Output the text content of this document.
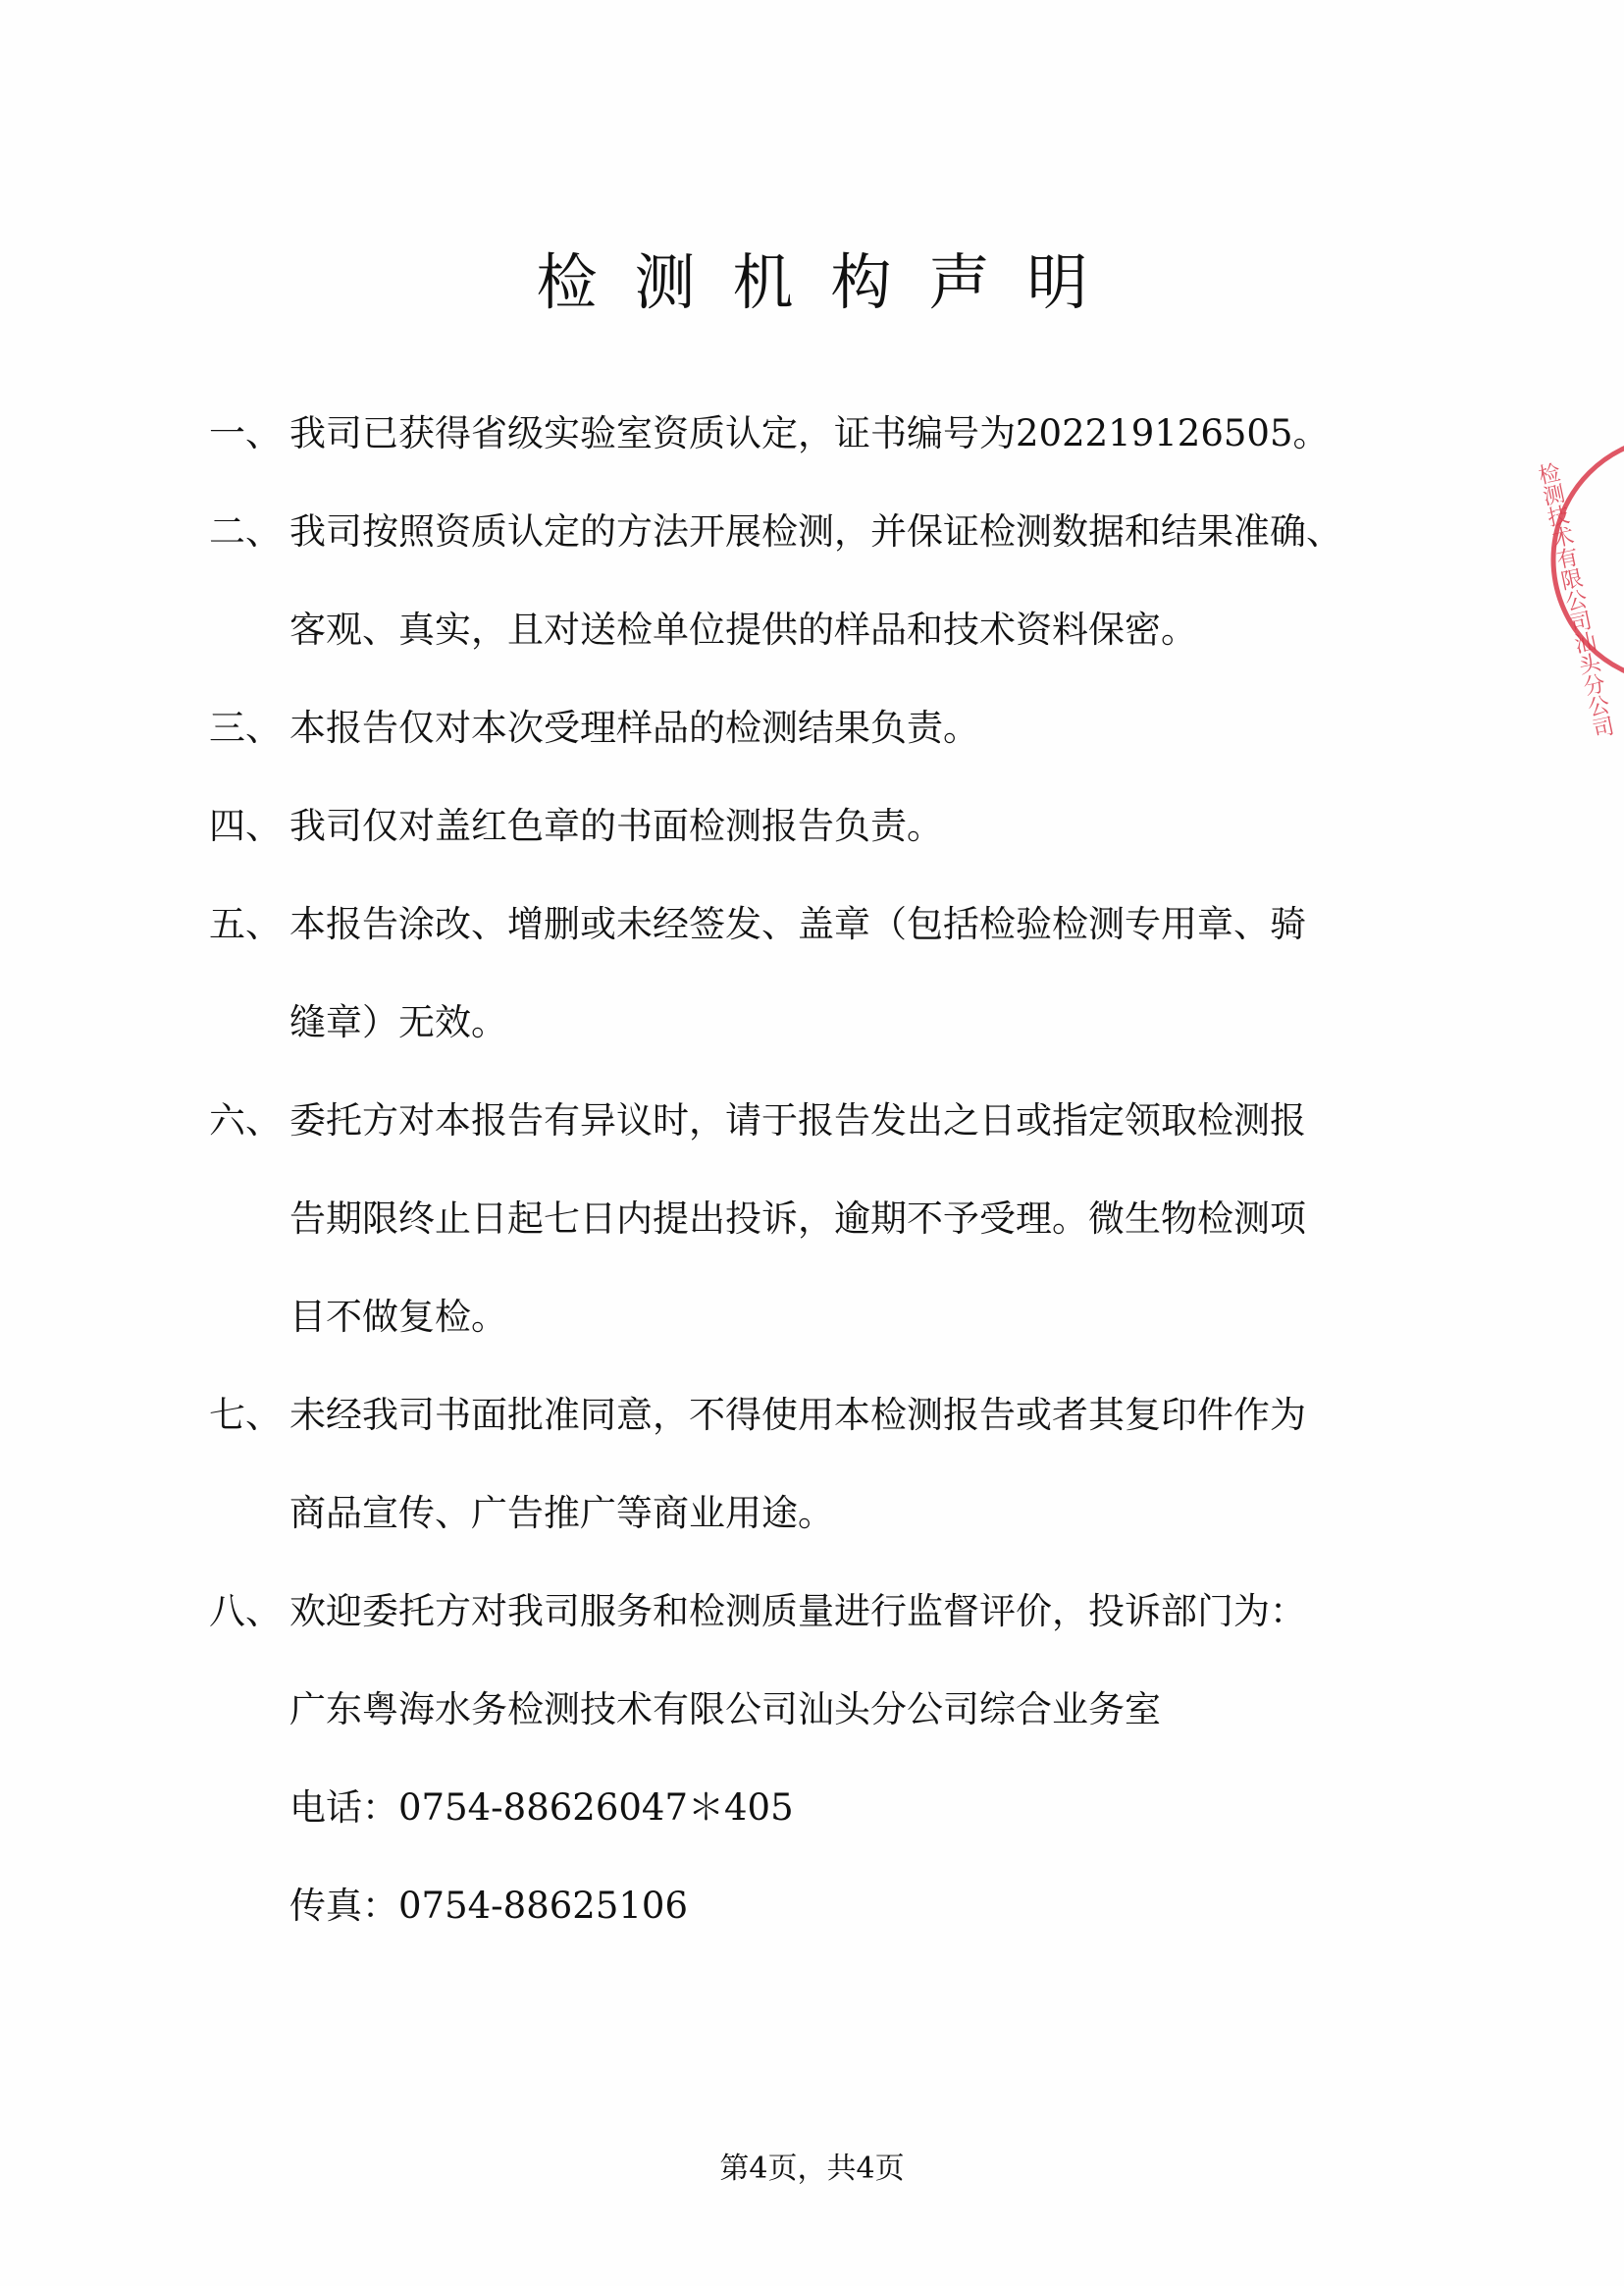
检测机构声明
一、 我司已获得省级实验室资质认定，证书编号为202219126505。
二、 我司按照资质认定的方法开展检测，并保证检测数据和结果准确、
客观、真实，且对送检单位提供的样品和技术资料保密。
三、 本报告仅对本次受理样品的检测结果负责。
四、 我司仅对盖红色章的书面检测报告负责。
五、 本报告涂改、增删或未经签发、盖章（包括检验检测专用章、骑
缝章）无效。
六、 委托方对本报告有异议时，请于报告发出之日或指定领取检测报
告期限终止日起七日内提出投诉，逾期不予受理。微生物检测项
目不做复检。
七、 未经我司书面批准同意，不得使用本检测报告或者其复印件作为
商品宣传、广告推广等商业用途。
八、 欢迎委托方对我司服务和检测质量进行监督评价，投诉部门为：
广东粤海水务检测技术有限公司汕头分公司综合业务室
电话：0754-88626047＊405
传真：0754-88625106
第4页，共4页
检测技术有限公司汕头分公司
